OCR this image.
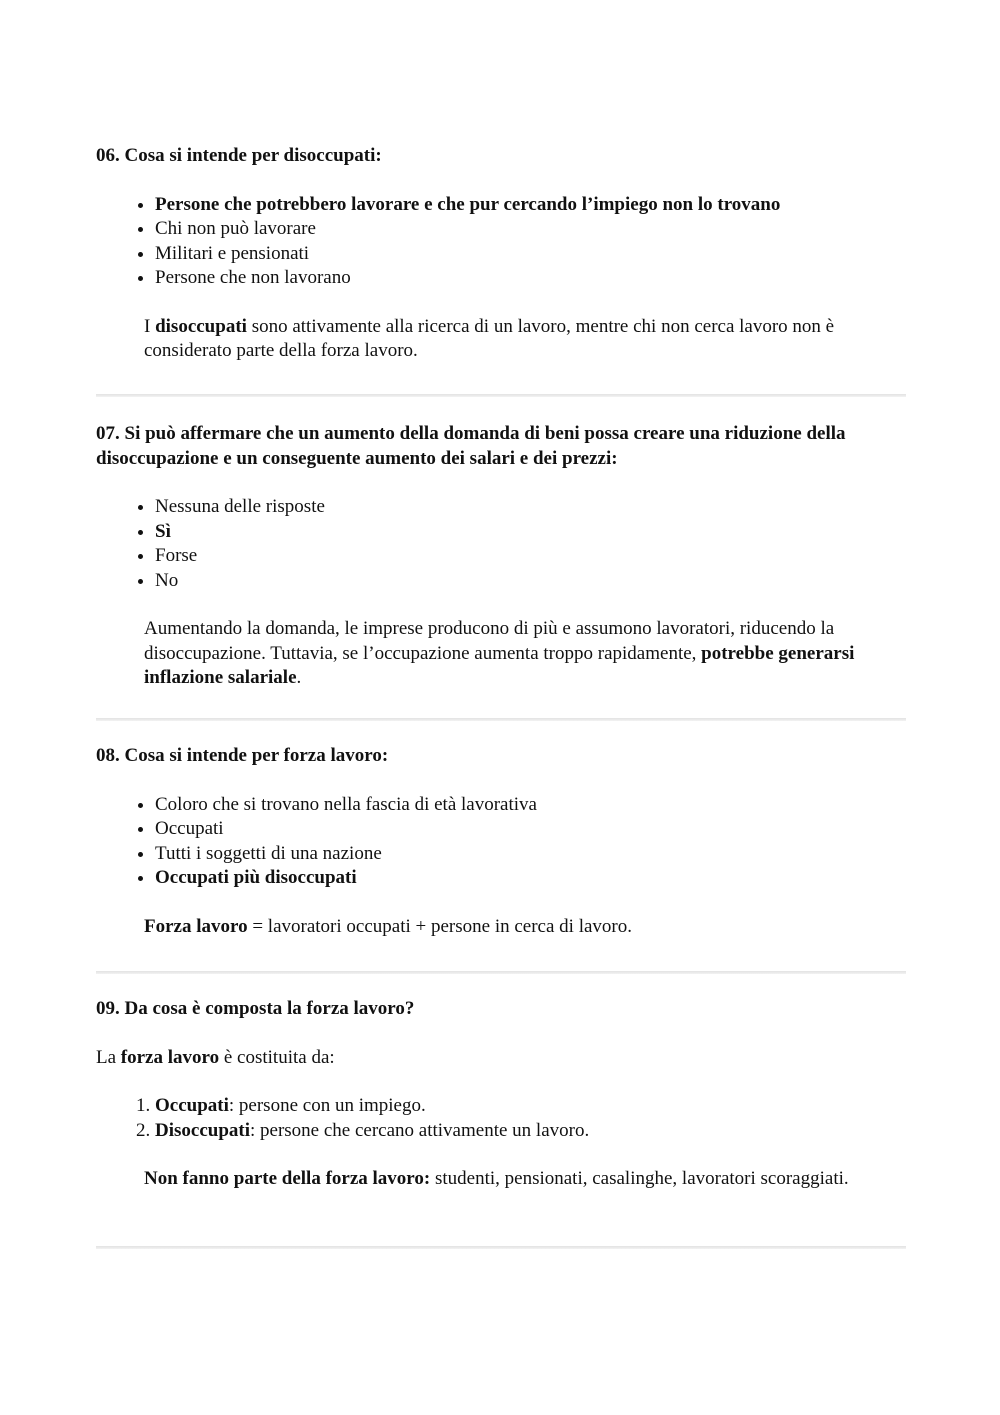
06. Cosa si intende per disoccupati:

• Persone che potrebbero lavorare e che pur cercando l’impiego non lo trovano
• Chi non può lavorare
• Militari e pensionati
• Persone che non lavorano

I disoccupati sono attivamente alla ricerca di un lavoro, mentre chi non cerca lavoro non è considerato parte della forza lavoro.

07. Si può affermare che un aumento della domanda di beni possa creare una riduzione della disoccupazione e un conseguente aumento dei salari e dei prezzi:

• Nessuna delle risposte
• Sì
• Forse
• No

Aumentando la domanda, le imprese producono di più e assumono lavoratori, riducendo la disoccupazione. Tuttavia, se l’occupazione aumenta troppo rapidamente, potrebbe generarsi inflazione salariale.

08. Cosa si intende per forza lavoro:

• Coloro che si trovano nella fascia di età lavorativa
• Occupati
• Tutti i soggetti di una nazione
• Occupati più disoccupati

Forza lavoro = lavoratori occupati + persone in cerca di lavoro.

09. Da cosa è composta la forza lavoro?

La forza lavoro è costituita da:

1. Occupati: persone con un impiego.
2. Disoccupati: persone che cercano attivamente un lavoro.

Non fanno parte della forza lavoro: studenti, pensionati, casalinghe, lavoratori scoraggiati.
